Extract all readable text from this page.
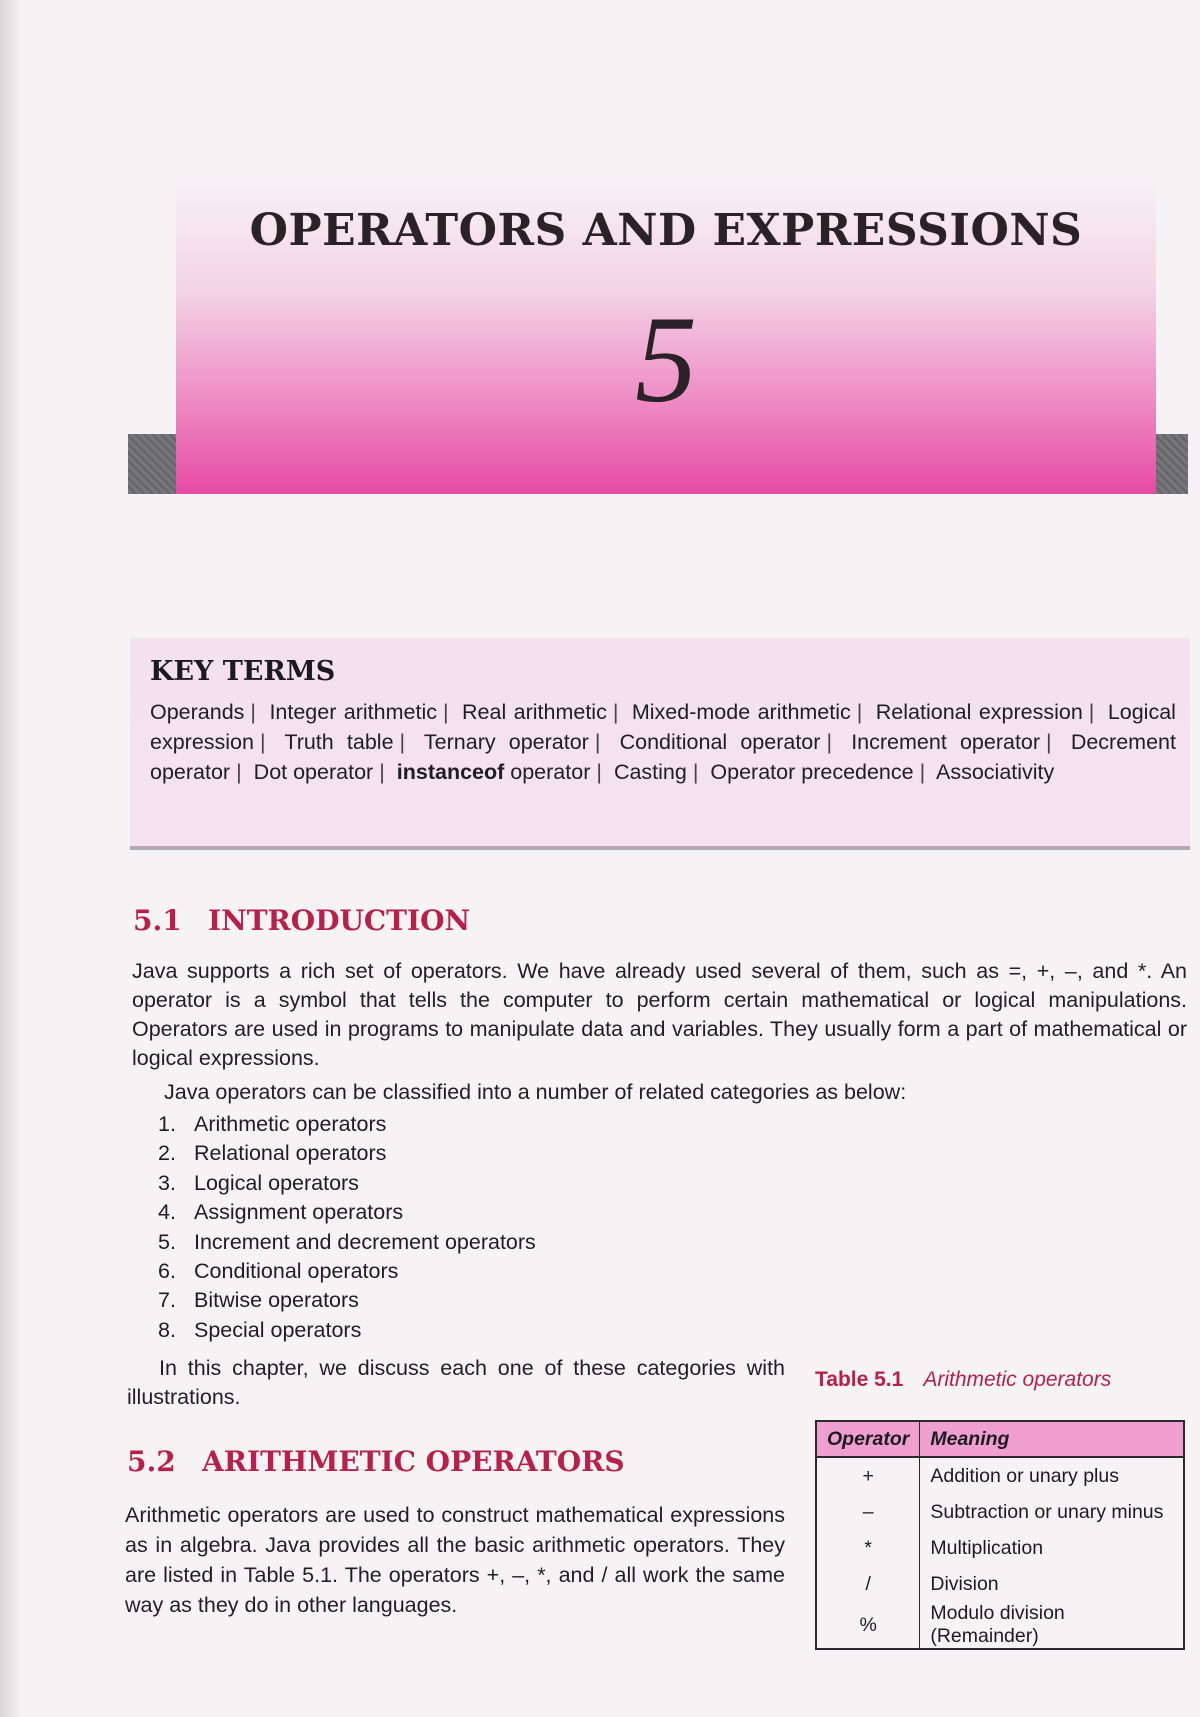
OPERATORS AND EXPRESSIONS
5
KEY TERMS
Operands | Integer arithmetic | Real arithmetic | Mixed-mode arithmetic | Relational expression | Logical expression | Truth table | Ternary operator | Conditional operator | Increment operator | Decrement operator | Dot operator | instanceof operator | Casting | Operator precedence | Associativity
5.1 INTRODUCTION

Java supports a rich set of operators. We have already used several of them, such as =, +, –, and *. An operator is a symbol that tells the computer to perform certain mathematical or logical manipulations. Operators are used in programs to manipulate data and variables. They usually form a part of mathematical or logical expressions.

Java operators can be classified into a number of related categories as below:

1. Arithmetic operators
2. Relational operators
3. Logical operators
4. Assignment operators
5. Increment and decrement operators
6. Conditional operators
7. Bitwise operators
8. Special operators

In this chapter, we discuss each one of these categories with illustrations.

5.2 ARITHMETIC OPERATORS

Arithmetic operators are used to construct mathematical expressions as in algebra. Java provides all the basic arithmetic operators. They are listed in Table 5.1. The operators +, –, *, and / all work the same way as they do in other languages.

Table 5.1 Arithmetic operators
Operator	Meaning
+	Addition or unary plus
–	Subtraction or unary minus
*	Multiplication
/	Division
%	Modulo division (Remainder)
